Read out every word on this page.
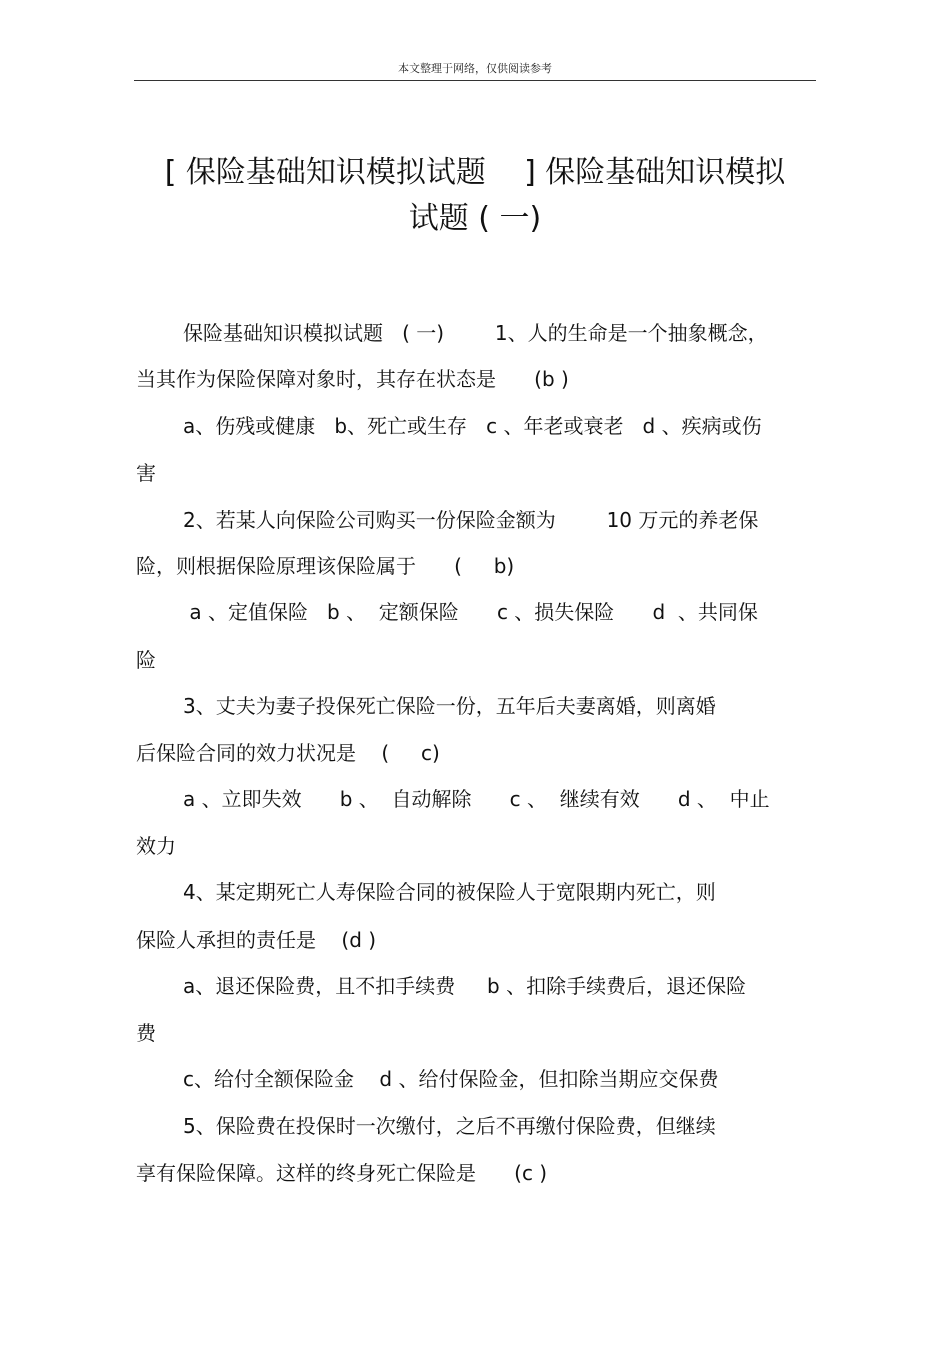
本文整理于网络，仅供阅读参考
[ 保险基础知识模拟试题    ] 保险基础知识模拟
试题 ( 一)
保险基础知识模拟试题   ( 一)        1、人的生命是一个抽象概念，
当其作为保险保障对象时，其存在状态是      (b )
a、伤残或健康   b、死亡或生存   c 、年老或衰老   d 、疾病或伤
害
2、若某人向保险公司购买一份保险金额为        10 万元的养老保
险，则根据保险原理该保险属于      (     b)
a 、定值保险   b 、  定额保险      c 、损失保险      d  、共同保
险
3、丈夫为妻子投保死亡保险一份，五年后夫妻离婚，则离婚
后保险合同的效力状况是    (     c)
a 、立即失效      b 、  自动解除      c 、  继续有效      d 、  中止
效力
4、某定期死亡人寿保险合同的被保险人于宽限期内死亡，则
保险人承担的责任是    (d )
a、退还保险费，且不扣手续费     b 、扣除手续费后，退还保险
费
c、给付全额保险金    d 、给付保险金，但扣除当期应交保费
5、保险费在投保时一次缴付，之后不再缴付保险费，但继续
享有保险保障。这样的终身死亡保险是      (c )
